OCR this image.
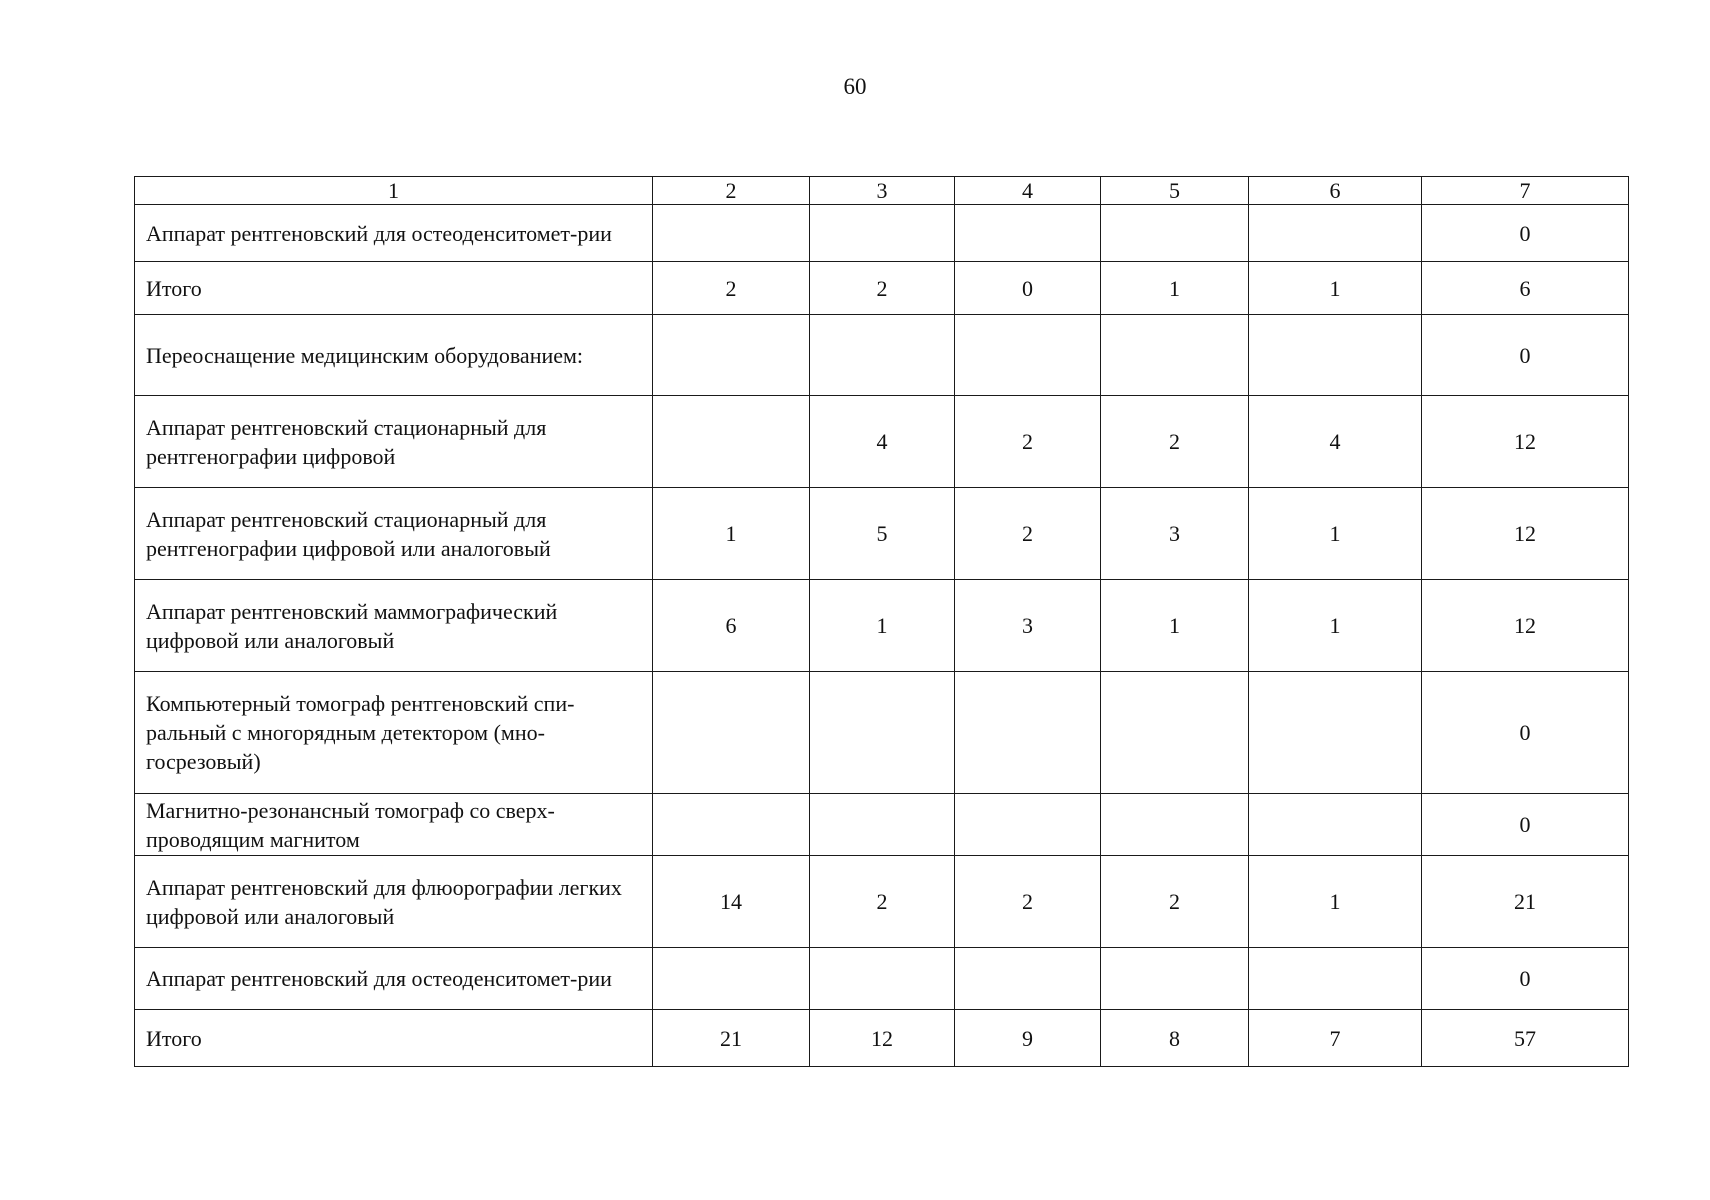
60
1	2	3	4	5	6	7
Аппарат рентгеновский для остеоденситомет-рии						0
Итого	2	2	0	1	1	6
Переоснащение медицинским оборудованием:						0
Аппарат рентгеновский стационарный для рентгенографии цифровой		4	2	2	4	12
Аппарат рентгеновский стационарный для рентгенографии цифровой или аналоговый	1	5	2	3	1	12
Аппарат рентгеновский маммографический цифровой или аналоговый	6	1	3	1	1	12
Компьютерный томограф рентгеновский спи-ральный с многорядным детектором (мно-госрезовый)						0
Магнитно-резонансный томограф со сверх-проводящим магнитом						0
Аппарат рентгеновский для флюорографии легких цифровой или аналоговый	14	2	2	2	1	21
Аппарат рентгеновский для остеоденситомет-рии						0
Итого	21	12	9	8	7	57
